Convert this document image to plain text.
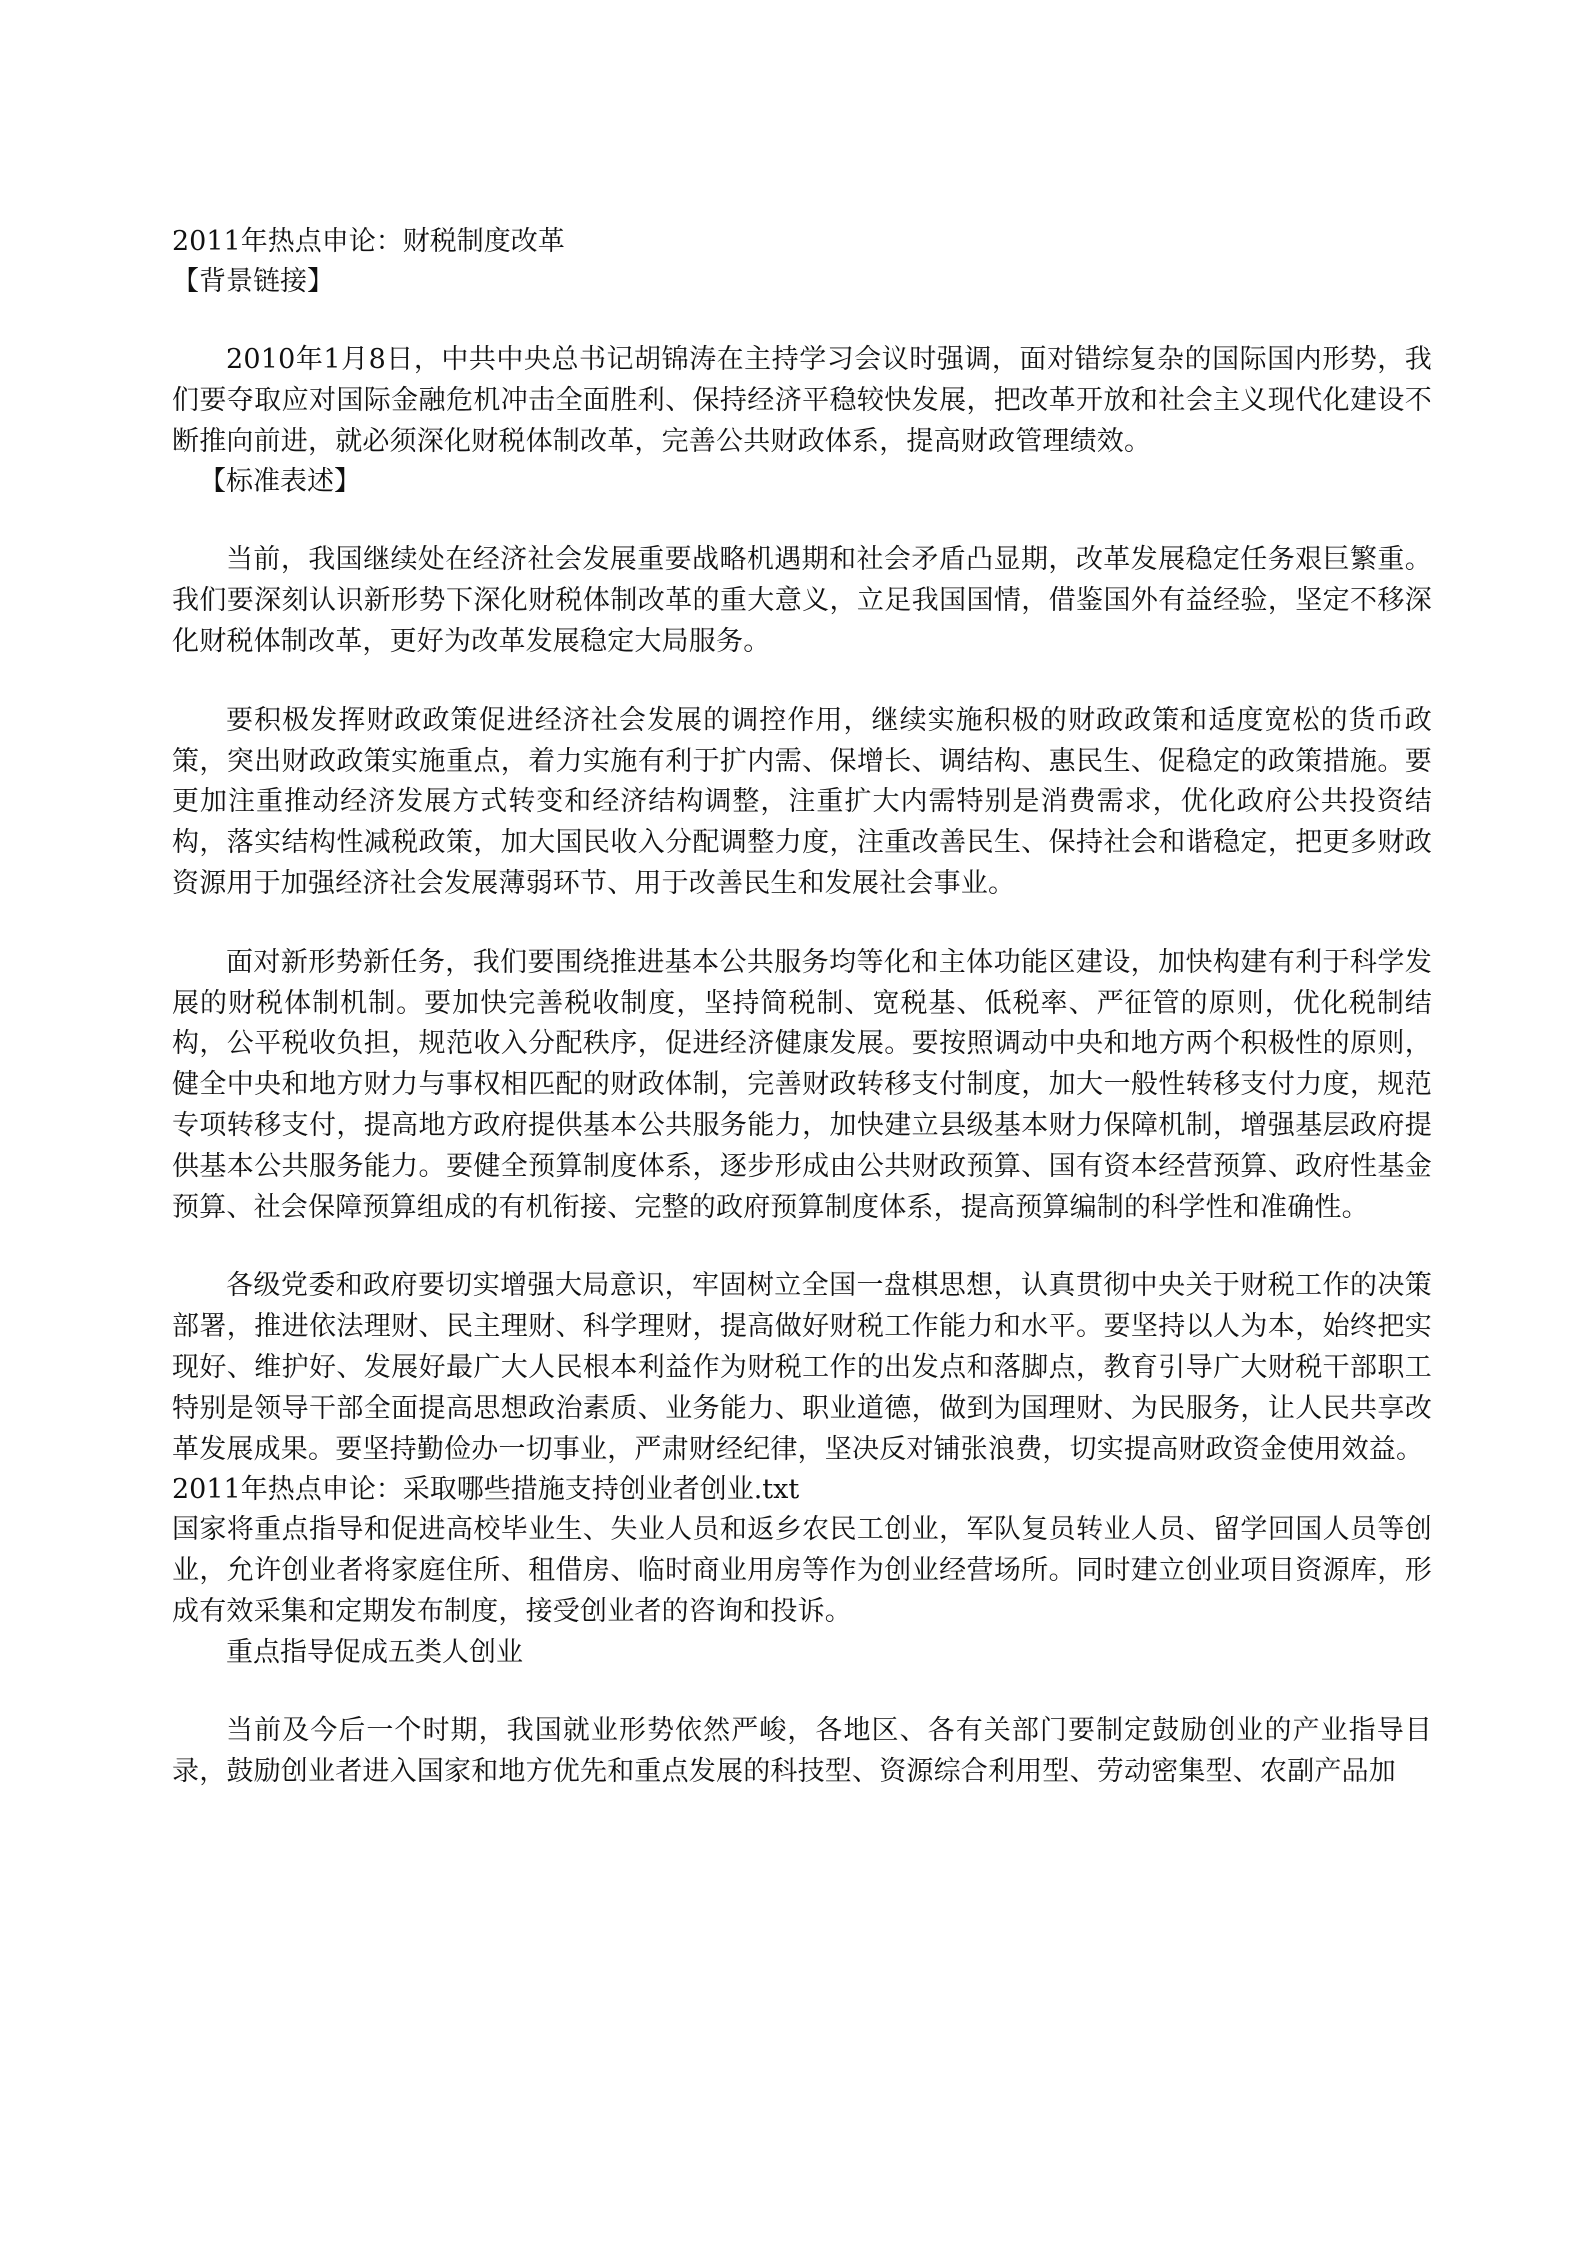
2011年热点申论：财税制度改革

【背景链接】

2010年1月8日，中共中央总书记胡锦涛在主持学习会议时强调，面对错综复杂的国际国内形势，我们要夺取应对国际金融危机冲击全面胜利、保持经济平稳较快发展，把改革开放和社会主义现代化建设不断推向前进，就必须深化财税体制改革，完善公共财政体系，提高财政管理绩效。

【标准表述】

当前，我国继续处在经济社会发展重要战略机遇期和社会矛盾凸显期，改革发展稳定任务艰巨繁重。我们要深刻认识新形势下深化财税体制改革的重大意义，立足我国国情，借鉴国外有益经验，坚定不移深化财税体制改革，更好为改革发展稳定大局服务。

要积极发挥财政政策促进经济社会发展的调控作用，继续实施积极的财政政策和适度宽松的货币政策，突出财政政策实施重点，着力实施有利于扩内需、保增长、调结构、惠民生、促稳定的政策措施。要更加注重推动经济发展方式转变和经济结构调整，注重扩大内需特别是消费需求，优化政府公共投资结构，落实结构性减税政策，加大国民收入分配调整力度，注重改善民生、保持社会和谐稳定，把更多财政资源用于加强经济社会发展薄弱环节、用于改善民生和发展社会事业。

面对新形势新任务，我们要围绕推进基本公共服务均等化和主体功能区建设，加快构建有利于科学发展的财税体制机制。要加快完善税收制度，坚持简税制、宽税基、低税率、严征管的原则，优化税制结构，公平税收负担，规范收入分配秩序，促进经济健康发展。要按照调动中央和地方两个积极性的原则，健全中央和地方财力与事权相匹配的财政体制，完善财政转移支付制度，加大一般性转移支付力度，规范专项转移支付，提高地方政府提供基本公共服务能力，加快建立县级基本财力保障机制，增强基层政府提供基本公共服务能力。要健全预算制度体系，逐步形成由公共财政预算、国有资本经营预算、政府性基金预算、社会保障预算组成的有机衔接、完整的政府预算制度体系，提高预算编制的科学性和准确性。

各级党委和政府要切实增强大局意识，牢固树立全国一盘棋思想，认真贯彻中央关于财税工作的决策部署，推进依法理财、民主理财、科学理财，提高做好财税工作能力和水平。要坚持以人为本，始终把实现好、维护好、发展好最广大人民根本利益作为财税工作的出发点和落脚点，教育引导广大财税干部职工特别是领导干部全面提高思想政治素质、业务能力、职业道德，做到为国理财、为民服务，让人民共享改革发展成果。要坚持勤俭办一切事业，严肃财经纪律，坚决反对铺张浪费，切实提高财政资金使用效益。

2011年热点申论：采取哪些措施支持创业者创业.txt

国家将重点指导和促进高校毕业生、失业人员和返乡农民工创业，军队复员转业人员、留学回国人员等创业，允许创业者将家庭住所、租借房、临时商业用房等作为创业经营场所。同时建立创业项目资源库，形成有效采集和定期发布制度，接受创业者的咨询和投诉。

重点指导促成五类人创业

当前及今后一个时期，我国就业形势依然严峻，各地区、各有关部门要制定鼓励创业的产业指导目录，鼓励创业者进入国家和地方优先和重点发展的科技型、资源综合利用型、劳动密集型、农副产品加
